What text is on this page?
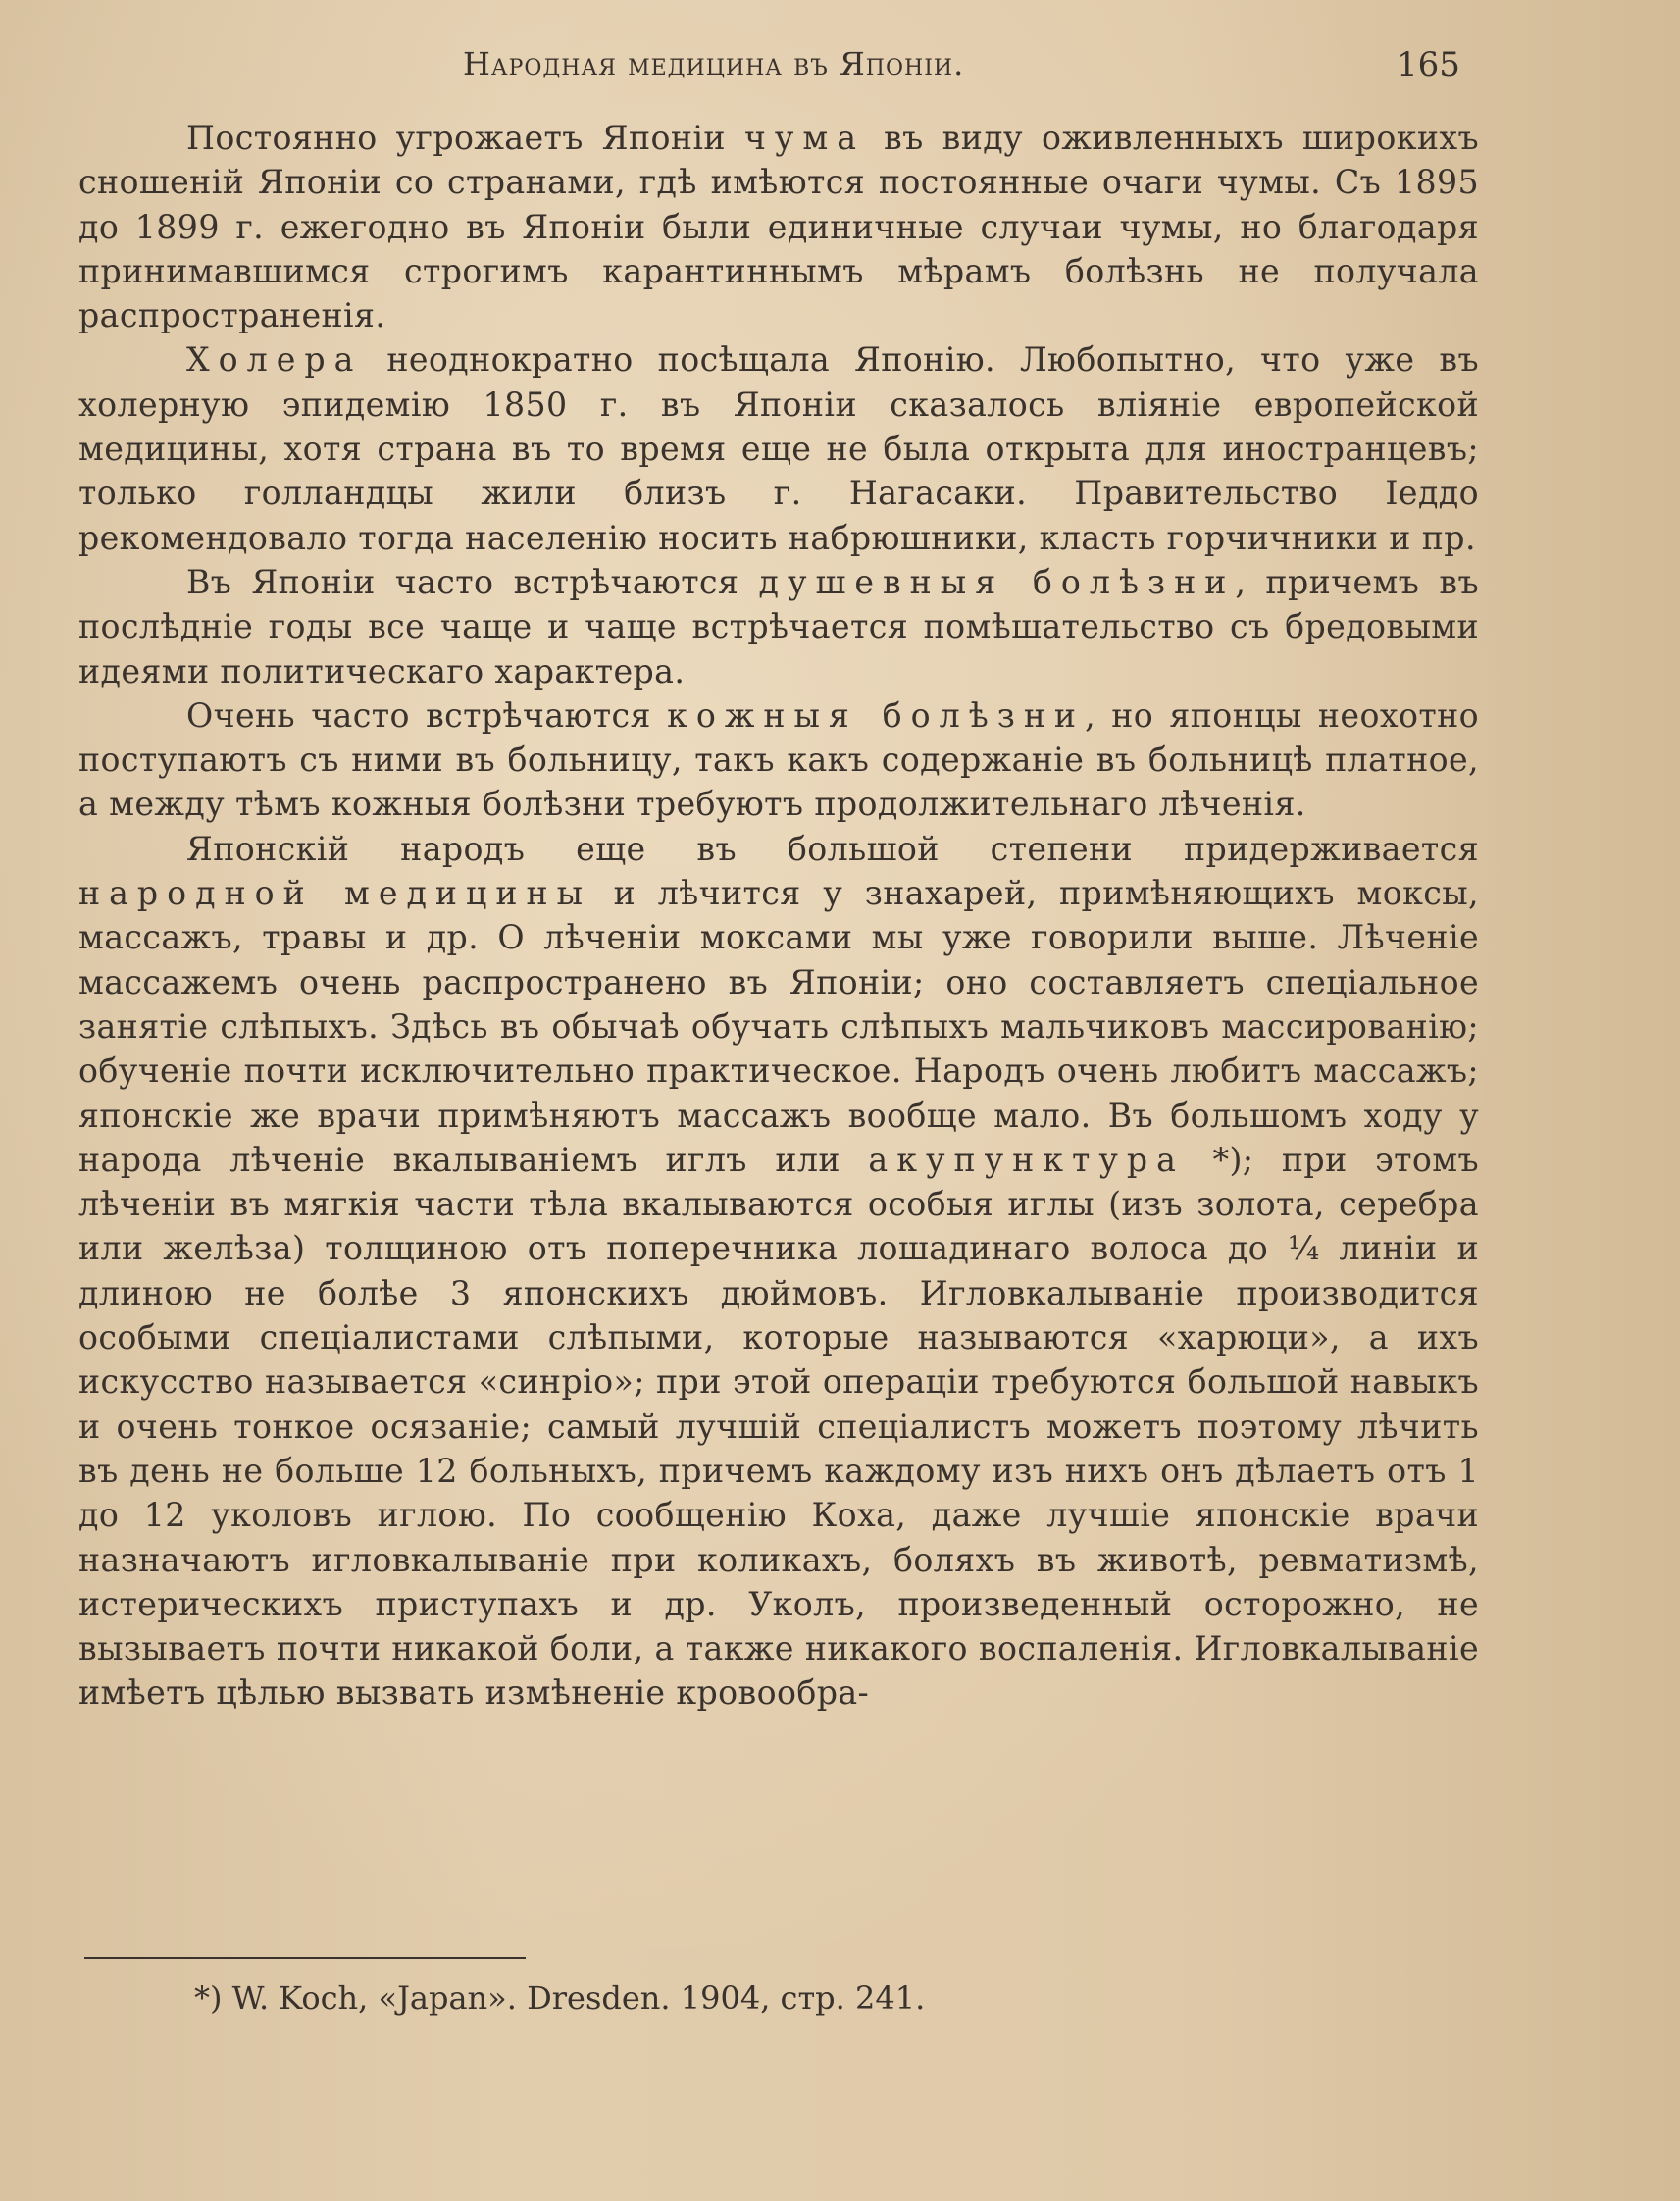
Народная медицина въ Японіи.	165

Постоянно угрожаетъ Японіи чума въ виду оживленныхъ широкихъ сношеній Японіи со странами, гдѣ имѣются постоянные очаги чумы. Съ 1895 до 1899 г. ежегодно въ Японіи были единичные случаи чумы, но благодаря принимавшимся строгимъ карантиннымъ мѣрамъ болѣзнь не получала распространенія.

Холера неоднократно посѣщала Японію. Любопытно, что уже въ холерную эпидемію 1850 г. въ Японіи сказалось вліяніе европейской медицины, хотя страна въ то время еще не была открыта для иностранцевъ; только голландцы жили близъ г. Нагасаки. Правительство Іеддо рекомендовало тогда населенію носить набрюшники, класть горчичники и пр.

Въ Японіи часто встрѣчаются душевныя болѣзни, причемъ въ послѣдніе годы все чаще и чаще встрѣчается помѣшательство съ бредовыми идеями политическаго характера.

Очень часто встрѣчаются кожныя болѣзни, но японцы неохотно поступаютъ съ ними въ больницу, такъ какъ содержаніе въ больницѣ платное, а между тѣмъ кожныя болѣзни требуютъ продолжительнаго лѣченія.

Японскій народъ еще въ большой степени придерживается народной медицины и лѣчится у знахарей, примѣняющихъ моксы, массажъ, травы и др. О лѣченіи моксами мы уже говорили выше. Лѣченіе массажемъ очень распространено въ Японіи; оно составляетъ спеціальное занятіе слѣпыхъ. Здѣсь въ обычаѣ обучать слѣпыхъ мальчиковъ массированію; обученіе почти исключительно практическое. Народъ очень любитъ массажъ; японскіе же врачи примѣняютъ массажъ вообще мало. Въ большомъ ходу у народа лѣченіе вкалываніемъ иглъ или акупунктура *); при этомъ лѣченіи въ мягкія части тѣла вкалываются особыя иглы (изъ золота, серебра или желѣза) толщиною отъ поперечника лошадинаго волоса до ¼ линіи и длиною не болѣе 3 японскихъ дюймовъ. Игловкалываніе производится особыми спеціалистами слѣпыми, которые называются «харюци», а ихъ искусство называется «синріо»; при этой операціи требуются большой навыкъ и очень тонкое осязаніе; самый лучшій спеціалистъ можетъ поэтому лѣчить въ день не больше 12 больныхъ, причемъ каждому изъ нихъ онъ дѣлаетъ отъ 1 до 12 уколовъ иглою. По сообщенію Коха, даже лучшіе японскіе врачи назначаютъ игловкалываніе при коликахъ, боляхъ въ животѣ, ревматизмѣ, истерическихъ приступахъ и др. Уколъ, произведенный осторожно, не вызываетъ почти никакой боли, а также никакого воспаленія. Игловкалываніе имѣетъ цѣлью вызвать измѣненіе кровообра-

*) W. Koch, «Japan». Dresden. 1904, стр. 241.
